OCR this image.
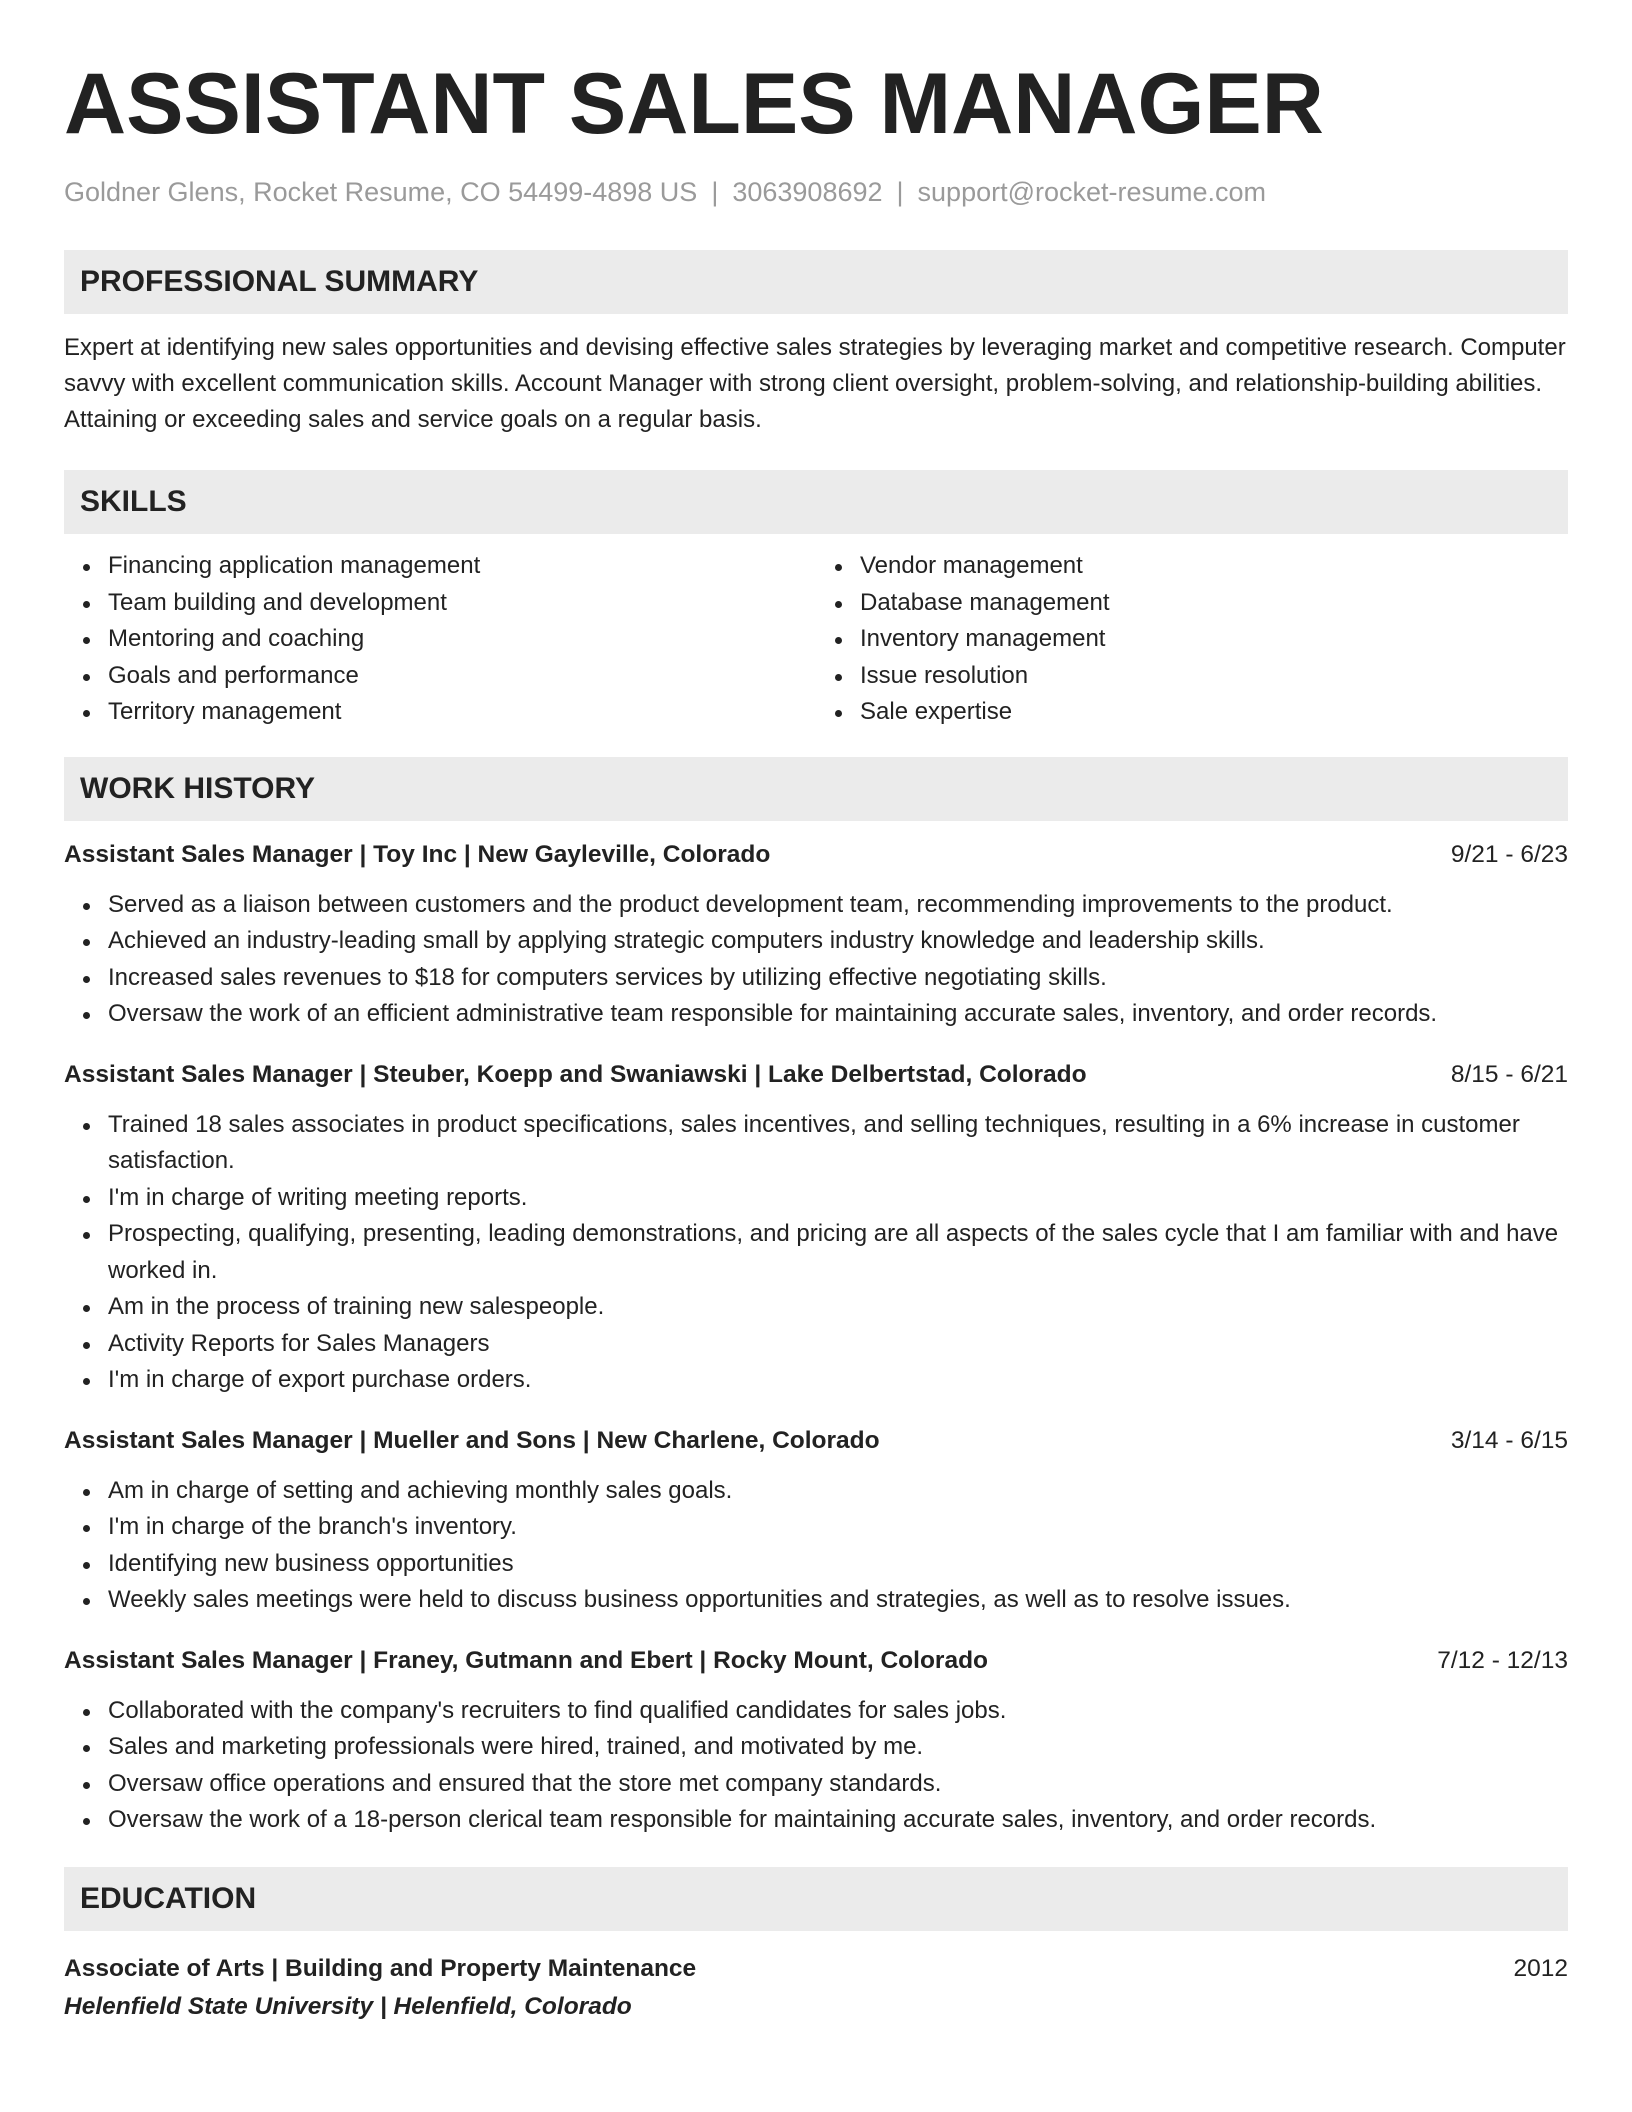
ASSISTANT SALES MANAGER
Goldner Glens, Rocket Resume, CO 54499-4898 US | 3063908692 | support@rocket-resume.com
PROFESSIONAL SUMMARY
Expert at identifying new sales opportunities and devising effective sales strategies by leveraging market and competitive research. Computer savvy with excellent communication skills. Account Manager with strong client oversight, problem-solving, and relationship-building abilities. Attaining or exceeding sales and service goals on a regular basis.
SKILLS
Financing application management
Team building and development
Mentoring and coaching
Goals and performance
Territory management
Vendor management
Database management
Inventory management
Issue resolution
Sale expertise
WORK HISTORY
Assistant Sales Manager | Toy Inc | New Gayleville, Colorado	9/21 - 6/23
Served as a liaison between customers and the product development team, recommending improvements to the product.
Achieved an industry-leading small by applying strategic computers industry knowledge and leadership skills.
Increased sales revenues to $18 for computers services by utilizing effective negotiating skills.
Oversaw the work of an efficient administrative team responsible for maintaining accurate sales, inventory, and order records.
Assistant Sales Manager | Steuber, Koepp and Swaniawski | Lake Delbertstad, Colorado	8/15 - 6/21
Trained 18 sales associates in product specifications, sales incentives, and selling techniques, resulting in a 6% increase in customer satisfaction.
I'm in charge of writing meeting reports.
Prospecting, qualifying, presenting, leading demonstrations, and pricing are all aspects of the sales cycle that I am familiar with and have worked in.
Am in the process of training new salespeople.
Activity Reports for Sales Managers
I'm in charge of export purchase orders.
Assistant Sales Manager | Mueller and Sons | New Charlene, Colorado	3/14 - 6/15
Am in charge of setting and achieving monthly sales goals.
I'm in charge of the branch's inventory.
Identifying new business opportunities
Weekly sales meetings were held to discuss business opportunities and strategies, as well as to resolve issues.
Assistant Sales Manager | Franey, Gutmann and Ebert | Rocky Mount, Colorado	7/12 - 12/13
Collaborated with the company's recruiters to find qualified candidates for sales jobs.
Sales and marketing professionals were hired, trained, and motivated by me.
Oversaw office operations and ensured that the store met company standards.
Oversaw the work of a 18-person clerical team responsible for maintaining accurate sales, inventory, and order records.
EDUCATION
Associate of Arts | Building and Property Maintenance	2012
Helenfield State University | Helenfield, Colorado
